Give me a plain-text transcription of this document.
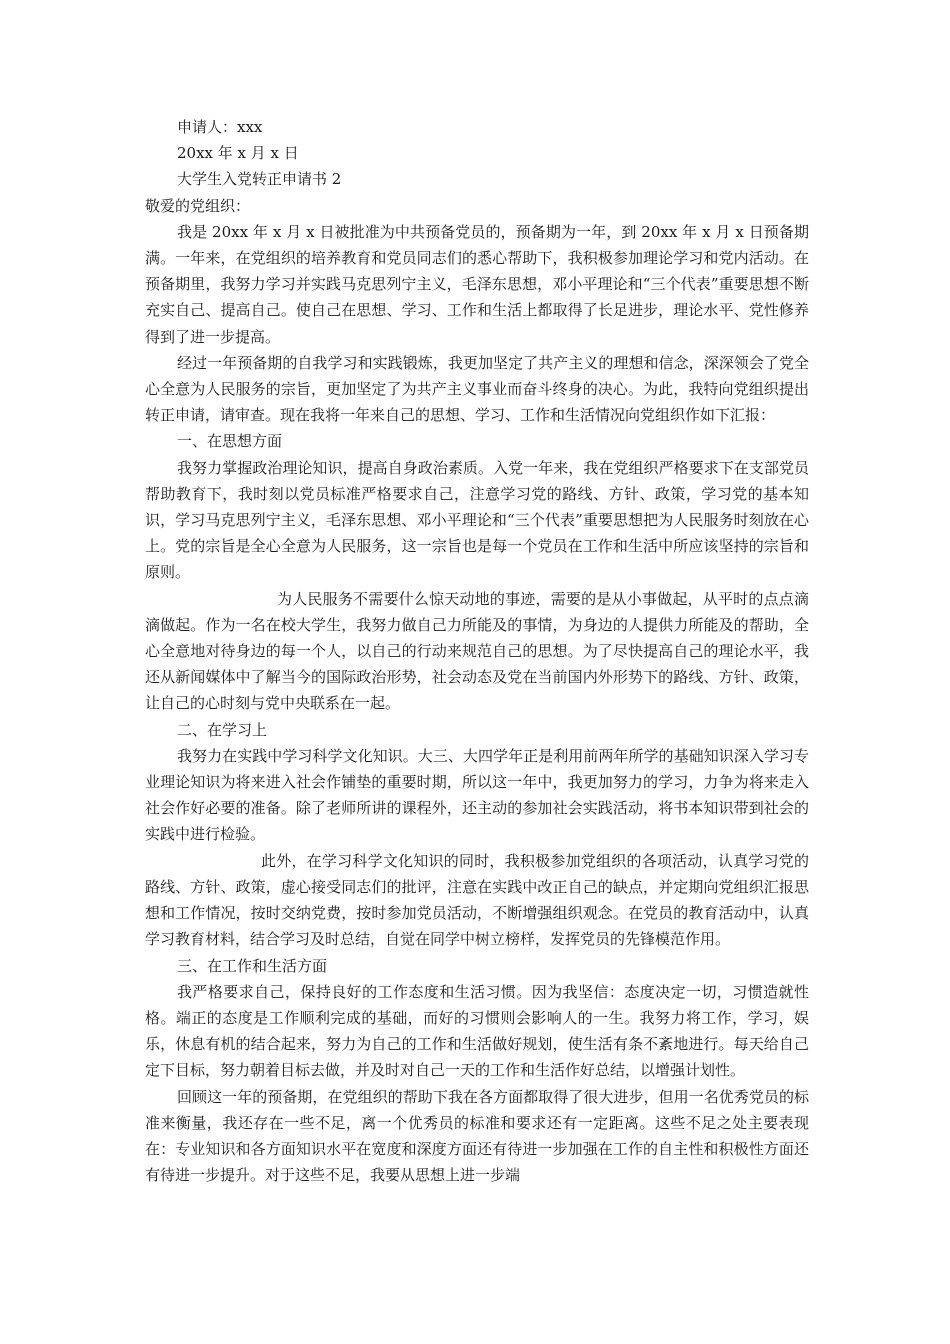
申请人：xxx

20xx 年 x 月 x 日

大学生入党转正申请书 2

敬爱的党组织：

我是 20xx 年 x 月 x 日被批准为中共预备党员的，预备期为一年，到 20xx 年 x 月 x 日预备期满。一年来，在党组织的培养教育和党员同志们的悉心帮助下，我积极参加理论学习和党内活动。在预备期里，我努力学习并实践马克思列宁主义，毛泽东思想，邓小平理论和“三个代表”重要思想不断充实自己、提高自己。使自己在思想、学习、工作和生活上都取得了长足进步，理论水平、党性修养得到了进一步提高。

经过一年预备期的自我学习和实践锻炼，我更加坚定了共产主义的理想和信念，深深领会了党全心全意为人民服务的宗旨，更加坚定了为共产主义事业而奋斗终身的决心。为此，我特向党组织提出转正申请，请审查。现在我将一年来自己的思想、学习、工作和生活情况向党组织作如下汇报：

一、在思想方面

我努力掌握政治理论知识，提高自身政治素质。入党一年来，我在党组织严格要求下在支部党员帮助教育下，我时刻以党员标准严格要求自己，注意学习党的路线、方针、政策，学习党的基本知识，学习马克思列宁主义，毛泽东思想、邓小平理论和“三个代表”重要思想把为人民服务时刻放在心上。党的宗旨是全心全意为人民服务，这一宗旨也是每一个党员在工作和生活中所应该坚持的宗旨和原则。

为人民服务不需要什么惊天动地的事迹，需要的是从小事做起，从平时的点点滴滴做起。作为一名在校大学生，我努力做自己力所能及的事情，为身边的人提供力所能及的帮助，全心全意地对待身边的每一个人，以自己的行动来规范自己的思想。为了尽快提高自己的理论水平，我还从新闻媒体中了解当今的国际政治形势，社会动态及党在当前国内外形势下的路线、方针、政策，让自己的心时刻与党中央联系在一起。

二、在学习上

我努力在实践中学习科学文化知识。大三、大四学年正是利用前两年所学的基础知识深入学习专业理论知识为将来进入社会作铺垫的重要时期，所以这一年中，我更加努力的学习，力争为将来走入社会作好必要的准备。除了老师所讲的课程外，还主动的参加社会实践活动，将书本知识带到社会的实践中进行检验。

此外，在学习科学文化知识的同时，我积极参加党组织的各项活动，认真学习党的路线、方针、政策，虚心接受同志们的批评，注意在实践中改正自己的缺点，并定期向党组织汇报思想和工作情况，按时交纳党费，按时参加党员活动，不断增强组织观念。在党员的教育活动中，认真学习教育材料，结合学习及时总结，自觉在同学中树立榜样，发挥党员的先锋模范作用。

三、在工作和生活方面

我严格要求自己，保持良好的工作态度和生活习惯。因为我坚信：态度决定一切，习惯造就性格。端正的态度是工作顺利完成的基础，而好的习惯则会影响人的一生。我努力将工作，学习，娱乐，休息有机的结合起来，努力为自己的工作和生活做好规划，使生活有条不紊地进行。每天给自己定下目标，努力朝着目标去做，并及时对自己一天的工作和生活作好总结，以增强计划性。

回顾这一年的预备期，在党组织的帮助下我在各方面都取得了很大进步，但用一名优秀党员的标准来衡量，我还存在一些不足，离一个优秀员的标准和要求还有一定距离。这些不足之处主要表现在：专业知识和各方面知识水平在宽度和深度方面还有待进一步加强在工作的自主性和积极性方面还有待进一步提升。对于这些不足，我要从思想上进一步端
